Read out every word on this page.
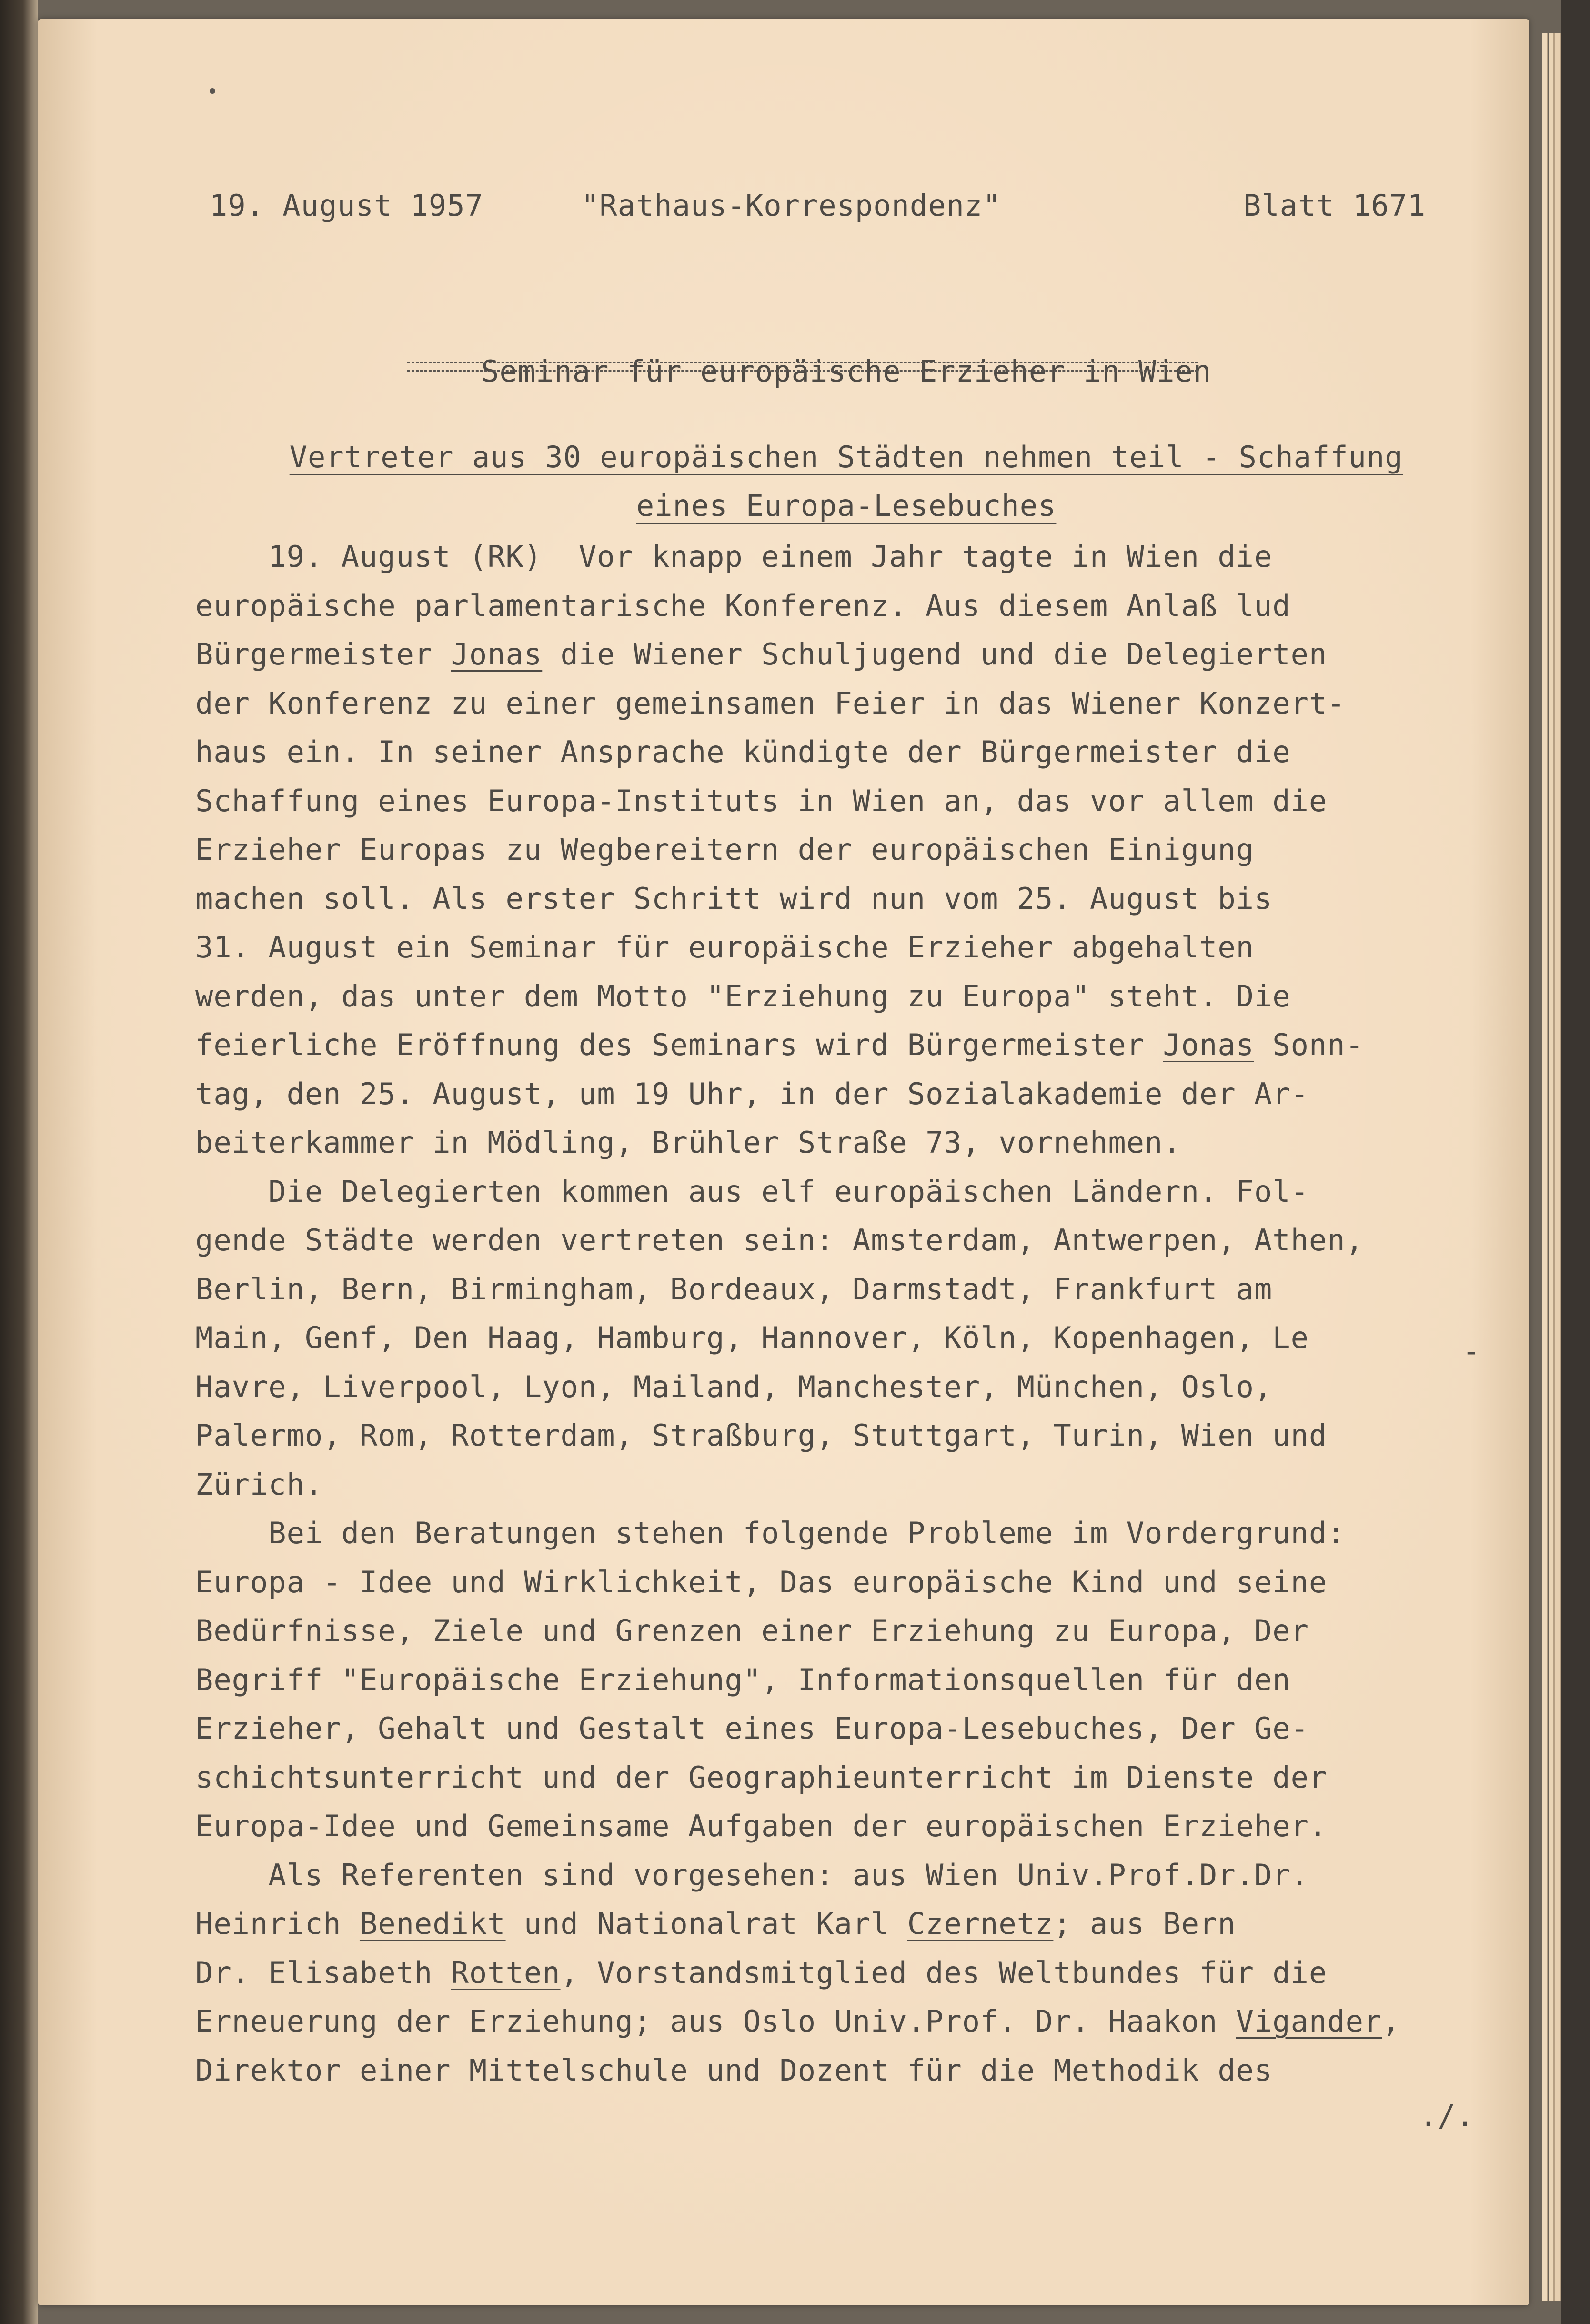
19. August 1957

	"Rathaus-Korrespondenz"

	Blatt 1671

Seminar für europäische Erzieher in Wien

Vertreter aus 30 europäischen Städten nehmen teil - Schaffung

eines Europa-Lesebuches

19. August (RK)  Vor knapp einem Jahr tagte in Wien die
europäische parlamentarische Konferenz. Aus diesem Anlaß lud
Bürgermeister Jonas die Wiener Schuljugend und die Delegierten
der Konferenz zu einer gemeinsamen Feier in das Wiener Konzert-
haus ein. In seiner Ansprache kündigte der Bürgermeister die
Schaffung eines Europa-Instituts in Wien an, das vor allem die
Erzieher Europas zu Wegbereitern der europäischen Einigung
machen soll. Als erster Schritt wird nun vom 25. August bis
31. August ein Seminar für europäische Erzieher abgehalten
werden, das unter dem Motto "Erziehung zu Europa" steht. Die
feierliche Eröffnung des Seminars wird Bürgermeister Jonas Sonn-
tag, den 25. August, um 19 Uhr, in der Sozialakademie der Ar-
beiterkammer in Mödling, Brühler Straße 73, vornehmen.
Die Delegierten kommen aus elf europäischen Ländern. Fol-
gende Städte werden vertreten sein: Amsterdam, Antwerpen, Athen,
Berlin, Bern, Birmingham, Bordeaux, Darmstadt, Frankfurt am
Main, Genf, Den Haag, Hamburg, Hannover, Köln, Kopenhagen, Le
Havre, Liverpool, Lyon, Mailand, Manchester, München, Oslo,
Palermo, Rom, Rotterdam, Straßburg, Stuttgart, Turin, Wien und
Zürich.
Bei den Beratungen stehen folgende Probleme im Vordergrund:
Europa - Idee und Wirklichkeit, Das europäische Kind und seine
Bedürfnisse, Ziele und Grenzen einer Erziehung zu Europa, Der
Begriff "Europäische Erziehung", Informationsquellen für den
Erzieher, Gehalt und Gestalt eines Europa-Lesebuches, Der Ge-
schichtsunterricht und der Geographieunterricht im Dienste der
Europa-Idee und Gemeinsame Aufgaben der europäischen Erzieher.
Als Referenten sind vorgesehen: aus Wien Univ.Prof.Dr.Dr.
Heinrich Benedikt und Nationalrat Karl Czernetz; aus Bern
Dr. Elisabeth Rotten, Vorstandsmitglied des Weltbundes für die
Erneuerung der Erziehung; aus Oslo Univ.Prof. Dr. Haakon Vigander,
Direktor einer Mittelschule und Dozent für die Methodik des
-
./.
